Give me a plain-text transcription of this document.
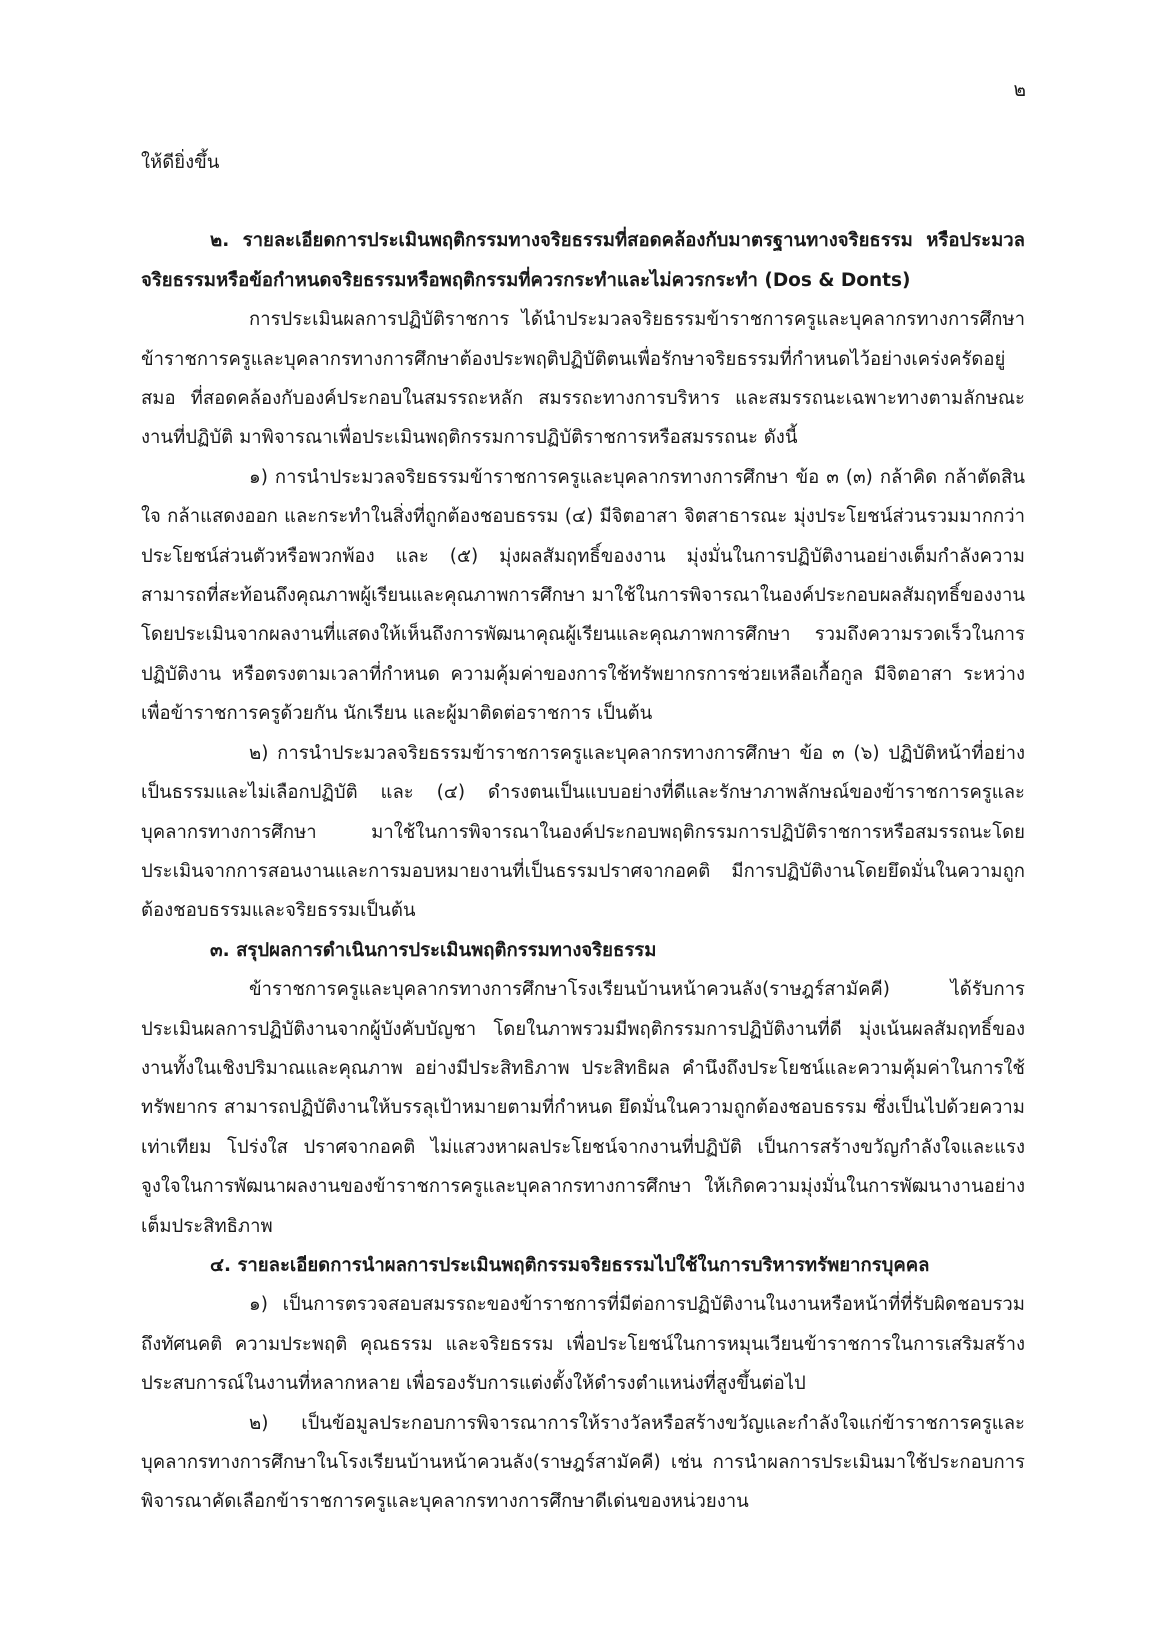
๒

ให้ดียิ่งขึ้น

๒. รายละเอียดการประเมินพฤติกรรมทางจริยธรรมที่สอดคล้องกับมาตรฐานทางจริยธรรม หรือประมวลจริยธรรมหรือข้อกำหนดจริยธรรมหรือพฤติกรรมที่ควรกระทำและไม่ควรกระทำ (Dos & Donts)

การประเมินผลการปฏิบัติราชการ ได้นำประมวลจริยธรรมข้าราชการครูและบุคลากรทางการศึกษา ข้าราชการครูและบุคลากรทางการศึกษาต้องประพฤติปฏิบัติตนเพื่อรักษาจริยธรรมที่กำหนดไว้อย่างเคร่งครัดอยู่สมอ ที่สอดคล้องกับองค์ประกอบในสมรรถะหลัก สมรรถะทางการบริหาร และสมรรถนะเฉพาะทางตามลักษณะงานที่ปฏิบัติ มาพิจารณาเพื่อประเมินพฤติกรรมการปฏิบัติราชการหรือสมรรถนะ ดังนี้

๑) การนำประมวลจริยธรรมข้าราชการครูและบุคลากรทางการศึกษา ข้อ ๓ (๓) กล้าคิด กล้าตัดสินใจ กล้าแสดงออก และกระทำในสิ่งที่ถูกต้องชอบธรรม (๔) มีจิตอาสา จิตสาธารณะ มุ่งประโยชน์ส่วนรวมมากกว่าประโยชน์ส่วนตัวหรือพวกพ้อง และ (๕) มุ่งผลสัมฤทธิ์ของงาน มุ่งมั่นในการปฏิบัติงานอย่างเต็มกำลังความสามารถที่สะท้อนถึงคุณภาพผู้เรียนและคุณภาพการศึกษา มาใช้ในการพิจารณาในองค์ประกอบผลสัมฤทธิ์ของงาน โดยประเมินจากผลงานที่แสดงให้เห็นถึงการพัฒนาคุณผู้เรียนและคุณภาพการศึกษา รวมถึงความรวดเร็วในการปฏิบัติงาน หรือตรงตามเวลาที่กำหนด ความคุ้มค่าของการใช้ทรัพยากรการช่วยเหลือเกื้อกูล มีจิตอาสา ระหว่างเพื่อข้าราชการครูด้วยกัน นักเรียน และผู้มาติดต่อราชการ เป็นต้น

๒) การนำประมวลจริยธรรมข้าราชการครูและบุคลากรทางการศึกษา ข้อ ๓ (๖) ปฏิบัติหน้าที่อย่างเป็นธรรมและไม่เลือกปฏิบัติ และ (๔) ดำรงตนเป็นแบบอย่างที่ดีและรักษาภาพลักษณ์ของข้าราชการครูและบุคลากรทางการศึกษา มาใช้ในการพิจารณาในองค์ประกอบพฤติกรรมการปฏิบัติราชการหรือสมรรถนะโดยประเมินจากการสอนงานและการมอบหมายงานที่เป็นธรรมปราศจากอคติ มีการปฏิบัติงานโดยยึดมั่นในความถูกต้องชอบธรรมและจริยธรรมเป็นต้น

๓. สรุปผลการดำเนินการประเมินพฤติกรรมทางจริยธรรม

ข้าราชการครูและบุคลากรทางการศึกษาโรงเรียนบ้านหน้าควนลัง(ราษฎร์สามัคคี) ได้รับการประเมินผลการปฏิบัติงานจากผู้บังคับบัญชา โดยในภาพรวมมีพฤติกรรมการปฏิบัติงานที่ดี มุ่งเน้นผลสัมฤทธิ์ของงานทั้งในเชิงปริมาณและคุณภาพ อย่างมีประสิทธิภาพ ประสิทธิผล คำนึงถึงประโยชน์และความคุ้มค่าในการใช้ทรัพยากร สามารถปฏิบัติงานให้บรรลุเป้าหมายตามที่กำหนด ยึดมั่นในความถูกต้องชอบธรรม ซึ่งเป็นไปด้วยความเท่าเทียม โปร่งใส ปราศจากอคติ ไม่แสวงหาผลประโยชน์จากงานที่ปฏิบัติ เป็นการสร้างขวัญกำลังใจและแรงจูงใจในการพัฒนาผลงานของข้าราชการครูและบุคลากรทางการศึกษา ให้เกิดความมุ่งมั่นในการพัฒนางานอย่างเต็มประสิทธิภาพ

๔. รายละเอียดการนำผลการประเมินพฤติกรรมจริยธรรมไปใช้ในการบริหารทรัพยากรบุคคล

๑) เป็นการตรวจสอบสมรรถะของข้าราชการที่มีต่อการปฏิบัติงานในงานหรือหน้าที่ที่รับผิดชอบรวมถึงทัศนคติ ความประพฤติ คุณธรรม และจริยธรรม เพื่อประโยชน์ในการหมุนเวียนข้าราชการในการเสริมสร้างประสบการณ์ในงานที่หลากหลาย เพื่อรองรับการแต่งตั้งให้ดำรงตำแหน่งที่สูงขึ้นต่อไป

๒) เป็นข้อมูลประกอบการพิจารณาการให้รางวัลหรือสร้างขวัญและกำลังใจแก่ข้าราชการครูและบุคลากรทางการศึกษาในโรงเรียนบ้านหน้าควนลัง(ราษฎร์สามัคคี) เช่น การนำผลการประเมินมาใช้ประกอบการพิจารณาคัดเลือกข้าราชการครูและบุคลากรทางการศึกษาดีเด่นของหน่วยงาน
